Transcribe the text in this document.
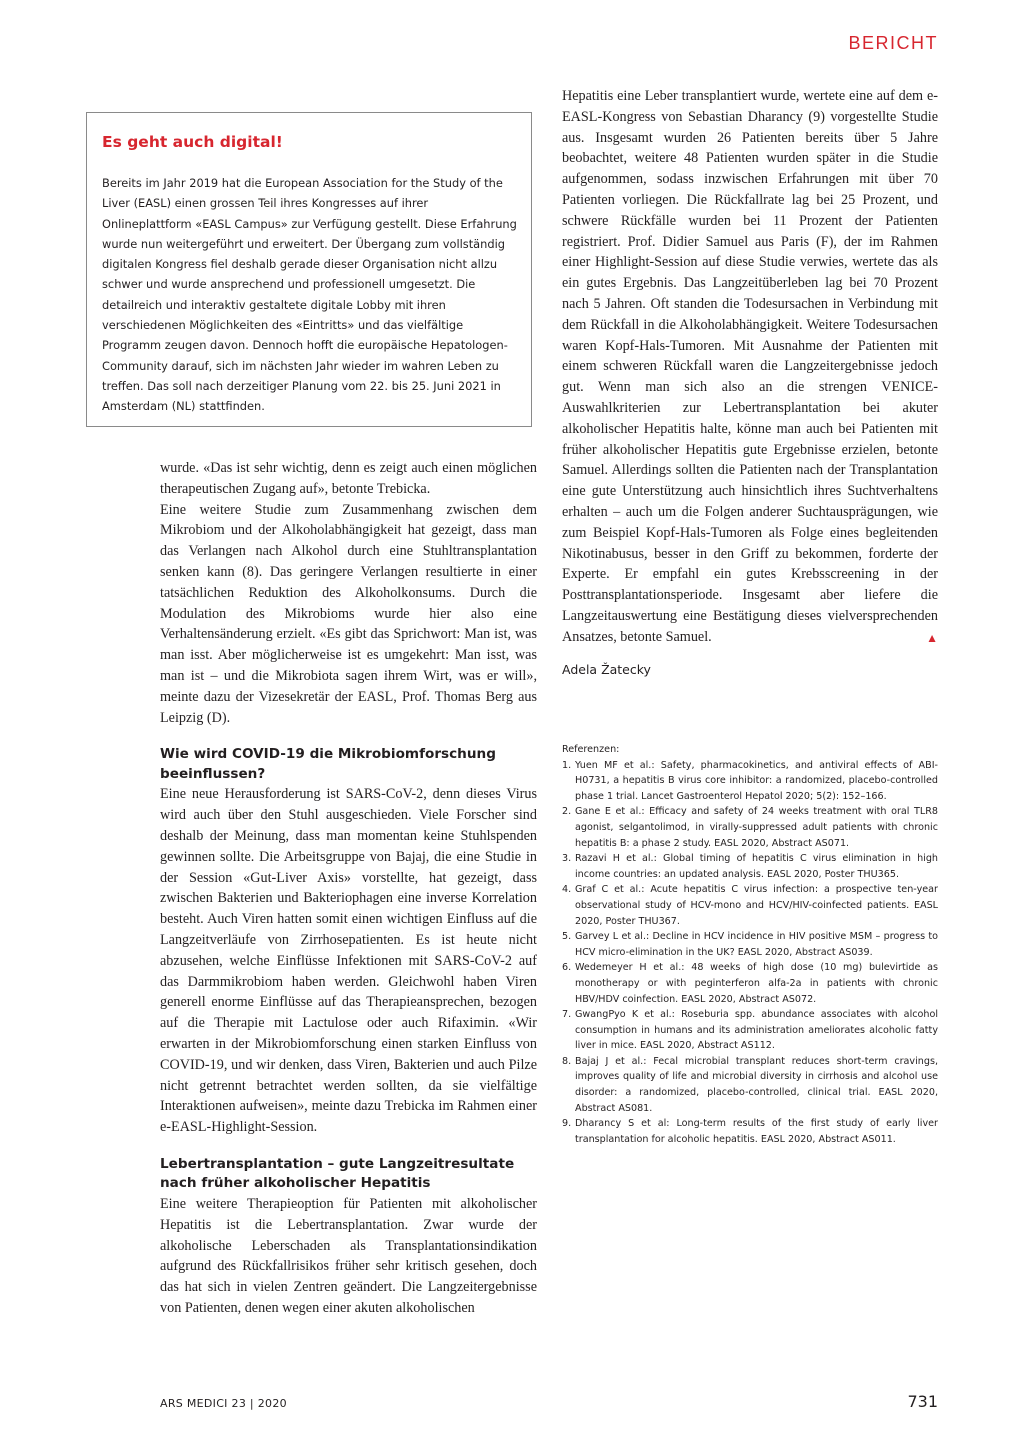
BERICHT
Es geht auch digital!

Bereits im Jahr 2019 hat die European Association for the Study of the Liver (EASL) einen grossen Teil ihres Kongresses auf ihrer Onlineplattform «EASL Campus» zur Verfügung gestellt. Diese Erfahrung wurde nun weitergeführt und erweitert. Der Übergang zum vollständig digitalen Kongress fiel deshalb gerade dieser Organisation nicht allzu schwer und wurde ansprechend und professionell umgesetzt. Die detailreich und interaktiv gestaltete digitale Lobby mit ihren verschiedenen Möglichkeiten des «Eintritts» und das vielfältige Programm zeugen davon. Dennoch hofft die europäische Hepatologen-Community darauf, sich im nächsten Jahr wieder im wahren Leben zu treffen. Das soll nach derzeitiger Planung vom 22. bis 25. Juni 2021 in Amsterdam (NL) stattfinden.

wurde. «Das ist sehr wichtig, denn es zeigt auch einen möglichen therapeutischen Zugang auf», betonte Trebicka.

Eine weitere Studie zum Zusammenhang zwischen dem Mikrobiom und der Alkoholabhängigkeit hat gezeigt, dass man das Verlangen nach Alkohol durch eine Stuhltransplantation senken kann (8). Das geringere Verlangen resultierte in einer tatsächlichen Reduktion des Alkoholkonsums. Durch die Modulation des Mikrobioms wurde hier also eine Verhaltensänderung erzielt. «Es gibt das Sprichwort: Man ist, was man isst. Aber möglicherweise ist es umgekehrt: Man isst, was man ist – und die Mikrobiota sagen ihrem Wirt, was er will», meinte dazu der Vizesekretär der EASL, Prof. Thomas Berg aus Leipzig (D).

Wie wird COVID-19 die Mikrobiomforschung beeinflussen?

Eine neue Herausforderung ist SARS-CoV-2, denn dieses Virus wird auch über den Stuhl ausgeschieden. Viele Forscher sind deshalb der Meinung, dass man momentan keine Stuhlspenden gewinnen sollte. Die Arbeitsgruppe von Bajaj, die eine Studie in der Session «Gut-Liver Axis» vorstellte, hat gezeigt, dass zwischen Bakterien und Bakteriophagen eine inverse Korrelation besteht. Auch Viren hatten somit einen wichtigen Einfluss auf die Langzeitverläufe von Zirrhosepatienten. Es ist heute nicht abzusehen, welche Einflüsse Infektionen mit SARS-CoV-2 auf das Darmmikrobiom haben werden. Gleichwohl haben Viren generell enorme Einflüsse auf das Therapieansprechen, bezogen auf die Therapie mit Lactulose oder auch Rifaximin. «Wir erwarten in der Mikrobiomforschung einen starken Einfluss von COVID-19, und wir denken, dass Viren, Bakterien und auch Pilze nicht getrennt betrachtet werden sollten, da sie vielfältige Interaktionen aufweisen», meinte dazu Trebicka im Rahmen einer e-EASL-Highlight-Session.

Lebertransplantation – gute Langzeitresultate nach früher alkoholischer Hepatitis

Eine weitere Therapieoption für Patienten mit alkoholischer Hepatitis ist die Lebertransplantation. Zwar wurde der alkoholische Leberschaden als Transplantationsindikation aufgrund des Rückfallrisikos früher sehr kritisch gesehen, doch das hat sich in vielen Zentren geändert. Die Langzeitergebnisse von Patienten, denen wegen einer akuten alkoholischen

Hepatitis eine Leber transplantiert wurde, wertete eine auf dem e-EASL-Kongress von Sebastian Dharancy (9) vorgestellte Studie aus. Insgesamt wurden 26 Patienten bereits über 5 Jahre beobachtet, weitere 48 Patienten wurden später in die Studie aufgenommen, sodass inzwischen Erfahrungen mit über 70 Patienten vorliegen. Die Rückfallrate lag bei 25 Prozent, und schwere Rückfälle wurden bei 11 Prozent der Patienten registriert. Prof. Didier Samuel aus Paris (F), der im Rahmen einer Highlight-Session auf diese Studie verwies, wertete das als ein gutes Ergebnis. Das Langzeitüberleben lag bei 70 Prozent nach 5 Jahren. Oft standen die Todesursachen in Verbindung mit dem Rückfall in die Alkoholabhängigkeit. Weitere Todesursachen waren Kopf-Hals-Tumoren. Mit Ausnahme der Patienten mit einem schweren Rückfall waren die Langzeitergebnisse jedoch gut. Wenn man sich also an die strengen VENICE-Auswahlkriterien zur Lebertransplantation bei akuter alkoholischer Hepatitis halte, könne man auch bei Patienten mit früher alkoholischer Hepatitis gute Ergebnisse erzielen, betonte Samuel. Allerdings sollten die Patienten nach der Transplantation eine gute Unterstützung auch hinsichtlich ihres Suchtverhaltens erhalten – auch um die Folgen anderer Suchtausprägungen, wie zum Beispiel Kopf-Hals-Tumoren als Folge eines begleitenden Nikotinabusus, besser in den Griff zu bekommen, forderte der Experte. Er empfahl ein gutes Krebsscreening in der Posttransplantationsperiode. Insgesamt aber liefere die Langzeitauswertung eine Bestätigung dieses vielversprechenden Ansatzes, betonte Samuel.	▲

Adela Žatecky

Referenzen:

1. Yuen MF et al.: Safety, pharmacokinetics, and antiviral effects of ABI-H0731, a hepatitis B virus core inhibitor: a randomized, placebo-controlled phase 1 trial. Lancet Gastroenterol Hepatol 2020; 5(2): 152–166.
2. Gane E et al.: Efficacy and safety of 24 weeks treatment with oral TLR8 agonist, selgantolimod, in virally-suppressed adult patients with chronic hepatitis B: a phase 2 study. EASL 2020, Abstract AS071.
3. Razavi H et al.: Global timing of hepatitis C virus elimination in high income countries: an updated analysis. EASL 2020, Poster THU365.
4. Graf C et al.: Acute hepatitis C virus infection: a prospective ten-year observational study of HCV-mono and HCV/HIV-coinfected patients. EASL 2020, Poster THU367.
5. Garvey L et al.: Decline in HCV incidence in HIV positive MSM – progress to HCV micro-elimination in the UK? EASL 2020, Abstract AS039.
6. Wedemeyer H et al.: 48 weeks of high dose (10 mg) bulevirtide as monotherapy or with peginterferon alfa-2a in patients with chronic HBV/HDV coinfection. EASL 2020, Abstract AS072.
7. GwangPyo K et al.: Roseburia spp. abundance associates with alcohol consumption in humans and its administration ameliorates alcoholic fatty liver in mice. EASL 2020, Abstract AS112.
8. Bajaj J et al.: Fecal microbial transplant reduces short-term cravings, improves quality of life and microbial diversity in cirrhosis and alcohol use disorder: a randomized, placebo-controlled, clinical trial. EASL 2020, Abstract AS081.
9. Dharancy S et al: Long-term results of the first study of early liver transplantation for alcoholic hepatitis. EASL 2020, Abstract AS011.
ARS MEDICI 23 | 2020	731
